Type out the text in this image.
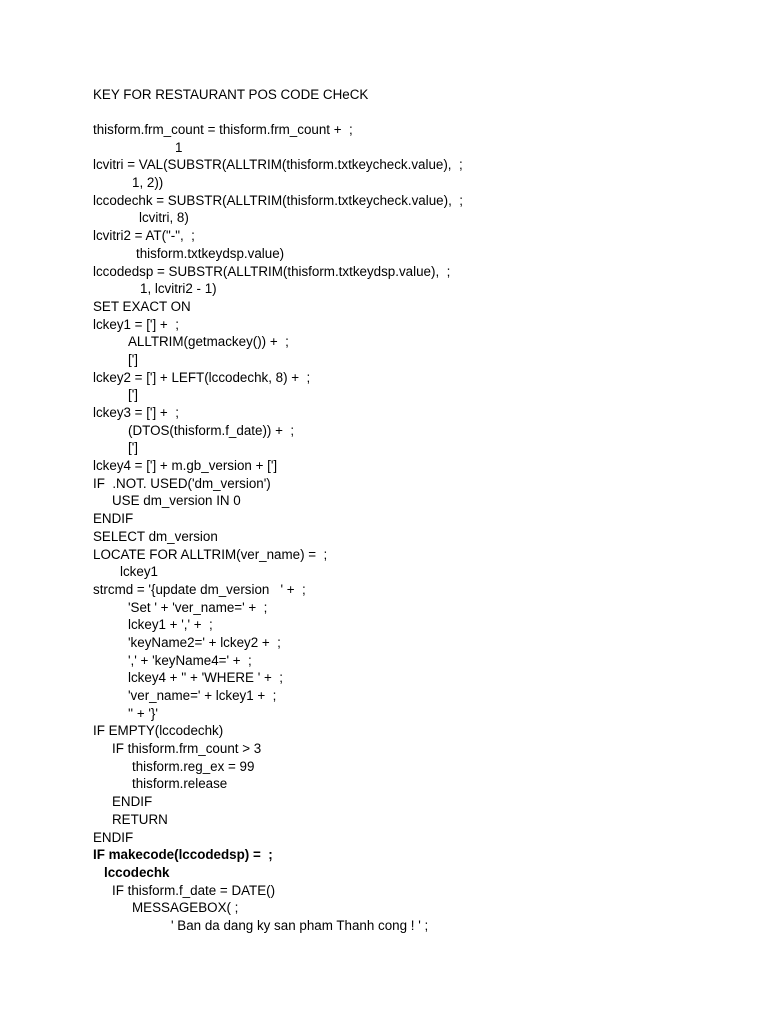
KEY FOR RESTAURANT POS CODE CHeCK
thisform.frm_count = thisform.frm_count +  ;
1
lcvitri = VAL(SUBSTR(ALLTRIM(thisform.txtkeycheck.value),  ;
1, 2))
lccodechk = SUBSTR(ALLTRIM(thisform.txtkeycheck.value),  ;
lcvitri, 8)
lcvitri2 = AT("-",  ;
thisform.txtkeydsp.value)
lccodedsp = SUBSTR(ALLTRIM(thisform.txtkeydsp.value),  ;
1, lcvitri2 - 1)
SET EXACT ON
lckey1 = ['] +  ;
ALLTRIM(getmackey()) +  ;
[']
lckey2 = ['] + LEFT(lccodechk, 8) +  ;
[']
lckey3 = ['] +  ;
(DTOS(thisform.f_date)) +  ;
[']
lckey4 = ['] + m.gb_version + [']
IF  .NOT. USED('dm_version')
USE dm_version IN 0
ENDIF
SELECT dm_version
LOCATE FOR ALLTRIM(ver_name) =  ;
lckey1
strcmd = '{update dm_version   ' +  ;
'Set ' + 'ver_name=' +  ;
lckey1 + ',' +  ;
'keyName2=' + lckey2 +  ;
',' + 'keyName4=' +  ;
lckey4 + '' + 'WHERE ' +  ;
'ver_name=' + lckey1 +  ;
'' + '}'
IF EMPTY(lccodechk)
IF thisform.frm_count > 3
thisform.reg_ex = 99
thisform.release
ENDIF
RETURN
ENDIF
IF makecode(lccodedsp) =  ;
lccodechk
IF thisform.f_date = DATE()
MESSAGEBOX( ;
' Ban da dang ky san pham Thanh cong ! ' ;
